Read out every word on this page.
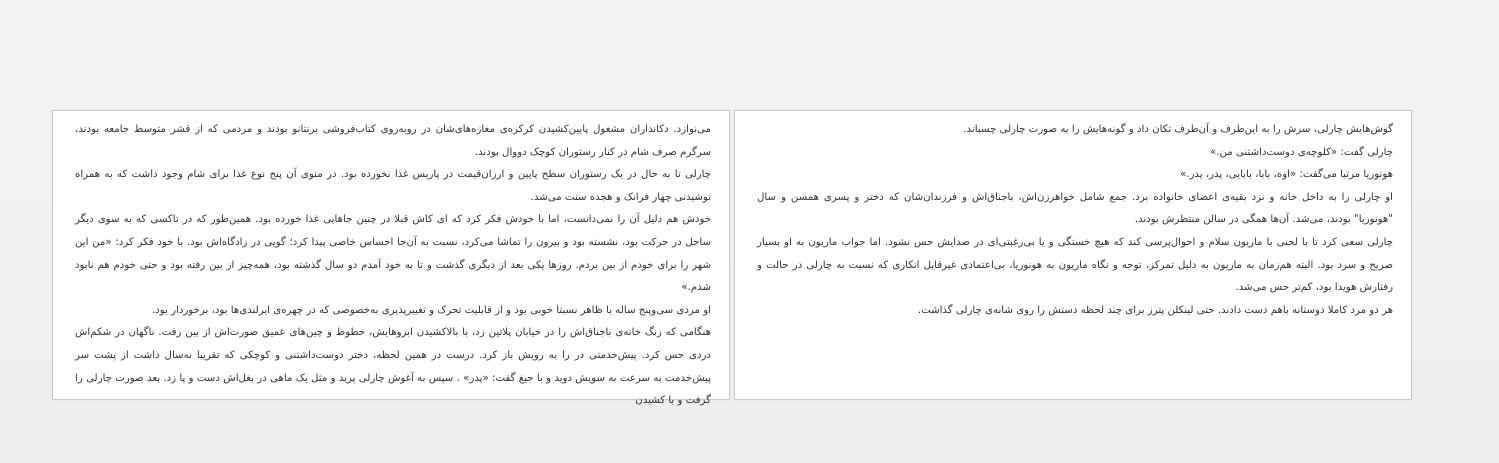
می‌نوازد. دکانداران مشغول پایین‌کشیدن کرکره‌ی مغازه‌های‌شان در روبه‌روی کتاب‌فروشی برنتانو بودند و مردمی که از قشر متوسط جامعه بودند، سرگرم صرف شام در کنار رستوران کوچک دووال بودند.

چارلی تا به حال در یک رستوران سطح پایین و ارزان‌قیمت در پاریس غذا نخورده بود. در منوی آن پنج نوع غذا برای شام وجود داشت که به همراه نوشیدنی چهار فرانک و هجده سنت می‌شد.

خودش هم دلیل آن را نمی‌دانست، اما با خودش فکر کرد که ای کاش قبلا در چنین جاهایی غذا خورده بود. همین‌طور که در تاکسی که به سوی دیگر ساحل در حرکت بود، نشسته بود و بیرون را تماشا می‌کرد، نسبت به آن‌جا احساس خاصی پیدا کرد؛ گویی در زادگاه‌اش بود. با خود فکر کرد: «من این شهر را برای خودم از بین بردم. روزها یکی بعد از دیگری گذشت و تا به خود آمدم دو سال گذشته بود، همه‌چیز از بین رفته بود و حتی خودم هم نابود شدم.»

او مردی سی‌وپنج ساله با ظاهر نسبتا خوبی بود و از قابلیت تحرک و تغییرپذیری به‌خصوصی که در چهره‌ی ایرلندی‌ها بود، برخوردار بود.

هنگامی که زنگ خانه‌ی باجناق‌اش را در خیابان پلاتین زد، با بالاکشیدن ابروهایش، خطوط و چین‌های عمیق صورت‌اش از بین رفت. ناگهان در شکم‌اش دردی حس کرد. پیش‌خدمتی در را به رویش باز کرد. درست در همین لحظه، دختر دوست‌داشتنی و کوچکی که تقریبا نه‌سال داشت از پشت سر پیش‌خدمت به سرعت به سویش دوید و با جیغ گفت: «پدر» . سپس به آغوش چارلی پرید و مثل یک ماهی در بغل‌اش دست و پا زد. بعد صورت چارلی را گرفت و با کشیدن

گوش‌هایش چارلی، سرش را به این‌طرف و آن‌طرف تکان داد و گونه‌هایش را به صورت چارلی چسباند.

چارلی گفت: «کلوچه‌ی دوست‌داشتنی من.»

هونوریا مرتبا می‌گفت: «اوه، بابا، بابایی، پدر، پدر.»

او چارلی را به داخل خانه و نزد بقیه‌ی اعضای خانواده برد. جمع شامل خواهرزن‌اش، باجناق‌اش و فرزندان‌شان که دختر و پسری همسن و سال "هونوریا" بودند، می‌شد. آن‌ها همگی در سالن منتظرش بودند.

چارلی سعی کرد تا با لحنی با ماریون سلام و احوال‌پرسی کند که هیچ خستگی و یا بی‌رغبتی‌ای در صدایش حس نشود. اما جواب ماریون به او بسیار صریح و سرد بود. البته هم‌زمان به ماریون به دلیل تمرکز، توجه و نگاه ماریون به هونوریا، بی‌اعتمادی غیرقابل انکاری که نسبت به چارلی در حالت و رفتارش هویدا بود، کم‌تر حس می‌شد.

هر دو مرد کاملا دوستانه باهم دست دادند. حتی لینکلن پترز برای چند لحظه دستش را روی شانه‌ی چارلی گذاشت.
